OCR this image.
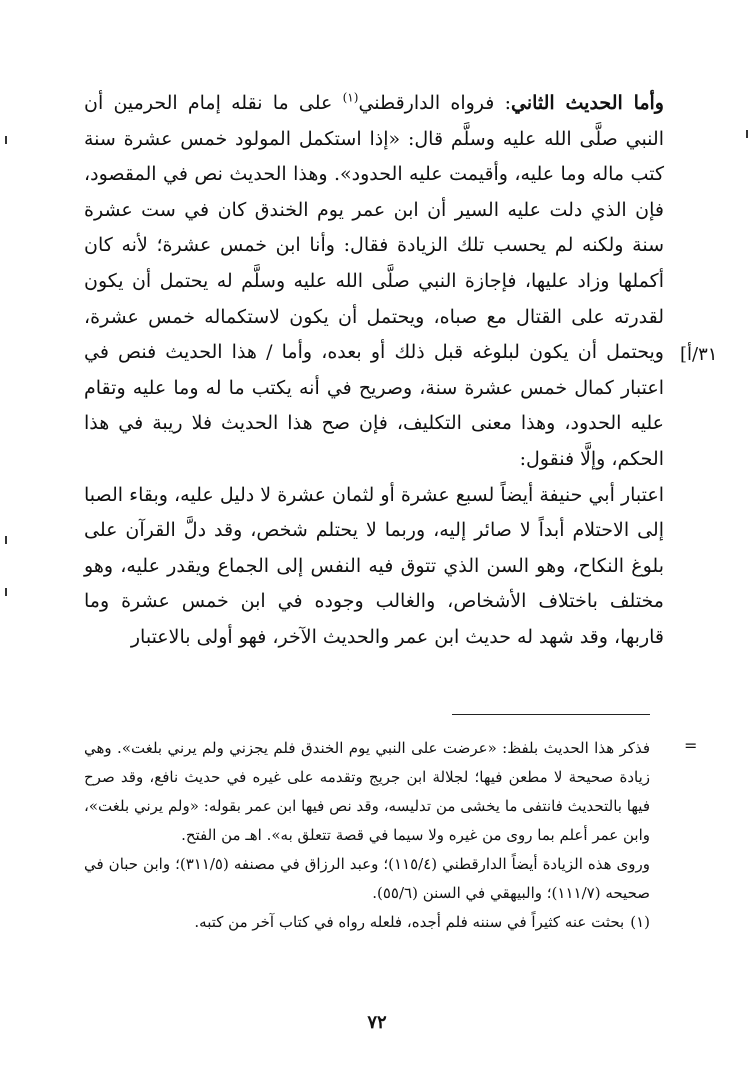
وأما الحديث الثاني: فرواه الدارقطني$^{(١)}$ على ما نقله إمام الحرمين أن النبي صلَّى الله عليه وسلَّم قال: «إذا استكمل المولود خمس عشرة سنة كتب ماله وما عليه، وأقيمت عليه الحدود». وهذا الحديث نص في المقصود، فإن الذي دلت عليه السير أن ابن عمر يوم الخندق كان في ست عشرة سنة ولكنه لم يحسب تلك الزيادة فقال: وأنا ابن خمس عشرة؛ لأنه كان أكملها وزاد عليها، فإجازة النبي صلَّى الله عليه وسلَّم له يحتمل أن يكون لقدرته على القتال مع صباه، ويحتمل أن يكون لاستكماله خمس عشرة، ويحتمل أن يكون لبلوغه قبل ذلك أو بعده، وأما / هذا الحديث فنص في اعتبار كمال خمس عشرة سنة، وصريح في أنه يكتب ما له وما عليه وتقام عليه الحدود، وهذا معنى التكليف، فإن صح هذا الحديث فلا ريبة في هذا الحكم، وإلَّا فنقول:

اعتبار أبي حنيفة أيضاً لسبع عشرة أو لثمان عشرة لا دليل عليه، وبقاء الصبا إلى الاحتلام أبداً لا صائر إليه، وربما لا يحتلم شخص، وقد دلَّ القرآن على بلوغ النكاح، وهو السن الذي تتوق فيه النفس إلى الجماع ويقدر عليه، وهو مختلف باختلاف الأشخاص، والغالب وجوده في ابن خمس عشرة وما قاربها، وقد شهد له حديث ابن عمر والحديث الآخر، فهو أولى بالاعتبار

٣١/أ]
=

فذكر هذا الحديث بلفظ: «عرضت على النبي يوم الخندق فلم يجزني ولم يرني بلغت». وهي زيادة صحيحة لا مطعن فيها؛ لجلالة ابن جريج وتقدمه على غيره في حديث نافع، وقد صرح فيها بالتحديث فانتفى ما يخشى من تدليسه، وقد نص فيها ابن عمر بقوله: «ولم يرني بلغت»، وابن عمر أعلم بما روى من غيره ولا سيما في قصة تتعلق به». اهـ من الفتح.

وروى هذه الزيادة أيضاً الدارقطني (١١٥/٤)؛ وعبد الرزاق في مصنفه (٣١١/٥)؛ وابن حبان في صحيحه (١١١/٧)؛ والبيهقي في السنن (٥٥/٦).

(١)بحثت عنه كثيراً في سننه فلم أجده، فلعله رواه في كتاب آخر من كتبه.

٧٢
